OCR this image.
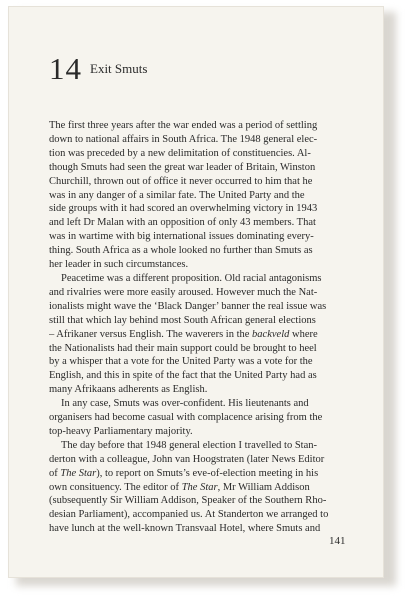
14 $^{Exit Smuts}$
The first three years after the war ended was a period of settling
down to national affairs in South Africa. The 1948 general elec-
tion was preceded by a new delimitation of constituencies. Al-
though Smuts had seen the great war leader of Britain, Winston
Churchill, thrown out of office it never occurred to him that he
was in any danger of a similar fate. The United Party and the
side groups with it had scored an overwhelming victory in 1943
and left Dr Malan with an opposition of only 43 members. That
was in wartime with big international issues dominating every-
thing. South Africa as a whole looked no further than Smuts as
her leader in such circumstances.
Peacetime was a different proposition. Old racial antagonisms
and rivalries were more easily aroused. However much the Nat-
ionalists might wave the ‘Black Danger’ banner the real issue was
still that which lay behind most South African general elections
– Afrikaner versus English. The waverers in the backveld where
the Nationalists had their main support could be brought to heel
by a whisper that a vote for the United Party was a vote for the
English, and this in spite of the fact that the United Party had as
many Afrikaans adherents as English.
In any case, Smuts was over-confident. His lieutenants and
organisers had become casual with complacence arising from the
top-heavy Parliamentary majority.
The day before that 1948 general election I travelled to Stan-
derton with a colleague, John van Hoogstraten (later News Editor
of The Star), to report on Smuts’s eve-of-election meeting in his
own consituency. The editor of The Star, Mr William Addison
(subsequently Sir William Addison, Speaker of the Southern Rho-
desian Parliament), accompanied us. At Standerton we arranged to
have lunch at the well-known Transvaal Hotel, where Smuts and
141
